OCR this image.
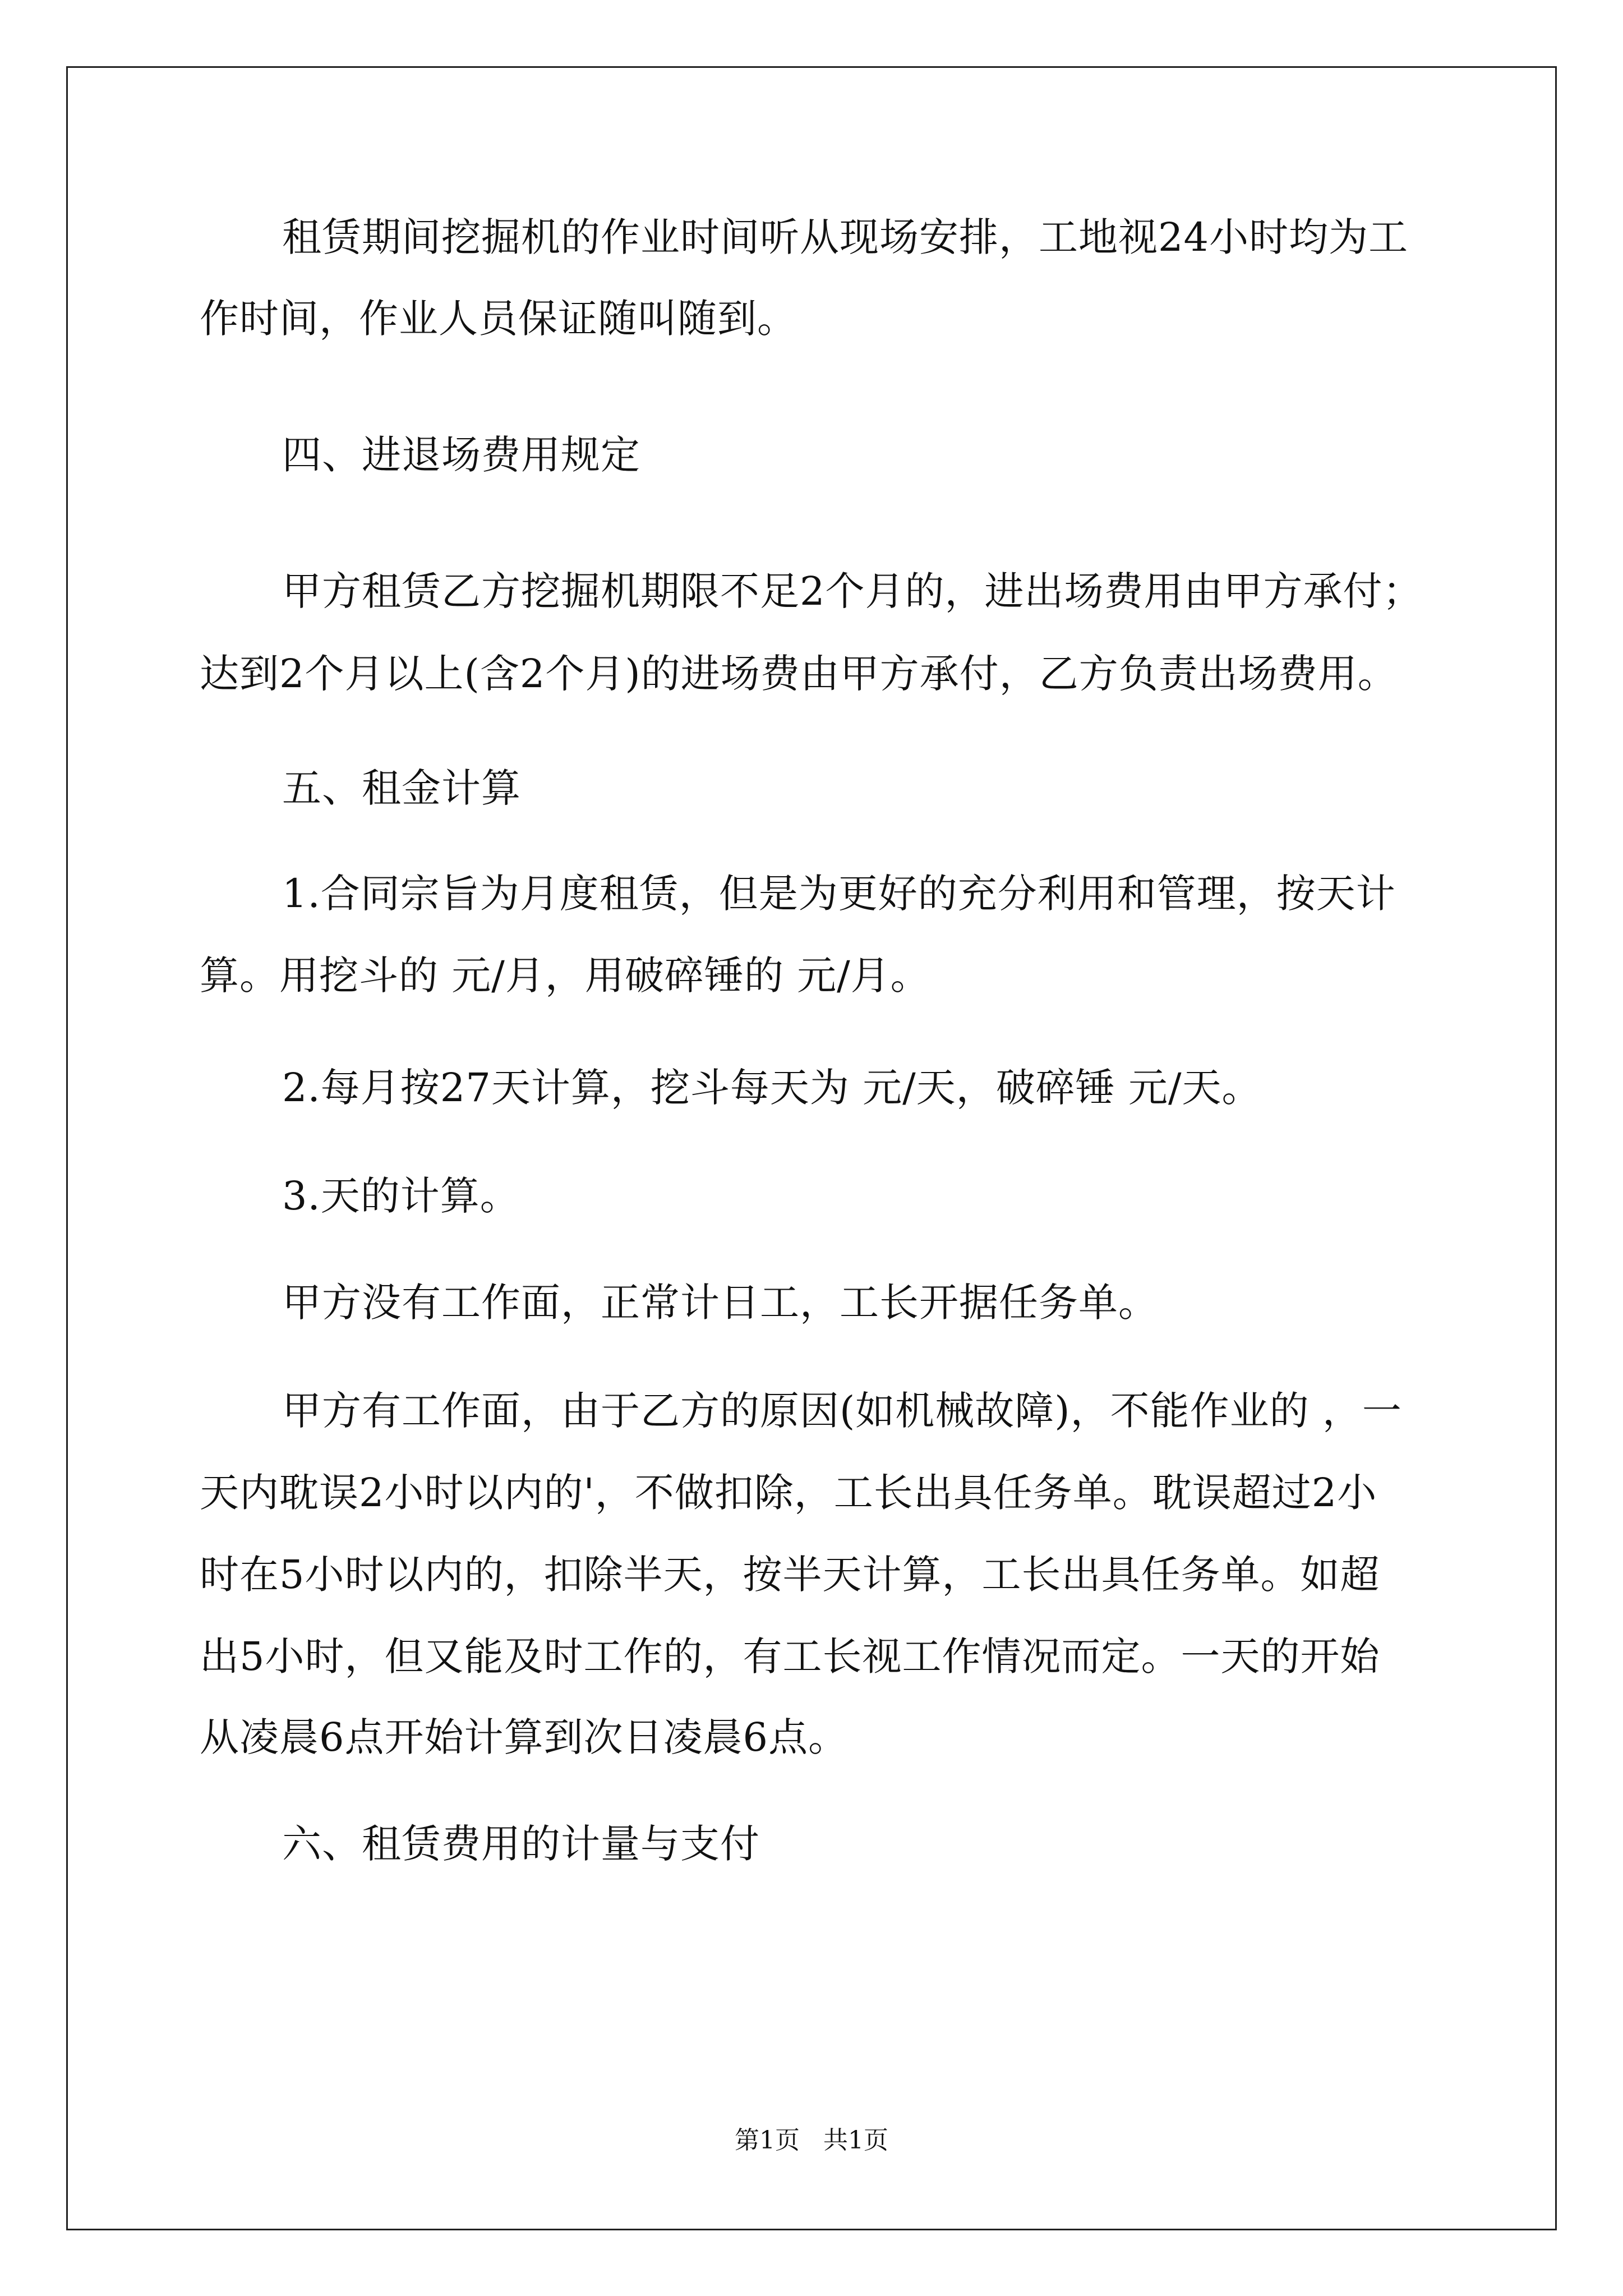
租赁期间挖掘机的作业时间听从现场安排，工地视24小时均为工
作时间，作业人员保证随叫随到。
四、进退场费用规定
甲方租赁乙方挖掘机期限不足2个月的，进出场费用由甲方承付；
达到2个月以上(含2个月)的进场费由甲方承付，乙方负责出场费用。
五、租金计算
1.合同宗旨为月度租赁，但是为更好的充分利用和管理，按天计
算。用挖斗的 元/月，用破碎锤的 元/月。
2.每月按27天计算，挖斗每天为 元/天，破碎锤 元/天。
3.天的计算。
甲方没有工作面，正常计日工，工长开据任务单。
甲方有工作面，由于乙方的原因(如机械故障)，不能作业的 ，一
天内耽误2小时以内的'，不做扣除，工长出具任务单。耽误超过2小
时在5小时以内的，扣除半天，按半天计算，工长出具任务单。如超
出5小时，但又能及时工作的，有工长视工作情况而定。一天的开始
从凌晨6点开始计算到次日凌晨6点。
六、租赁费用的计量与支付
第1页   共1页
